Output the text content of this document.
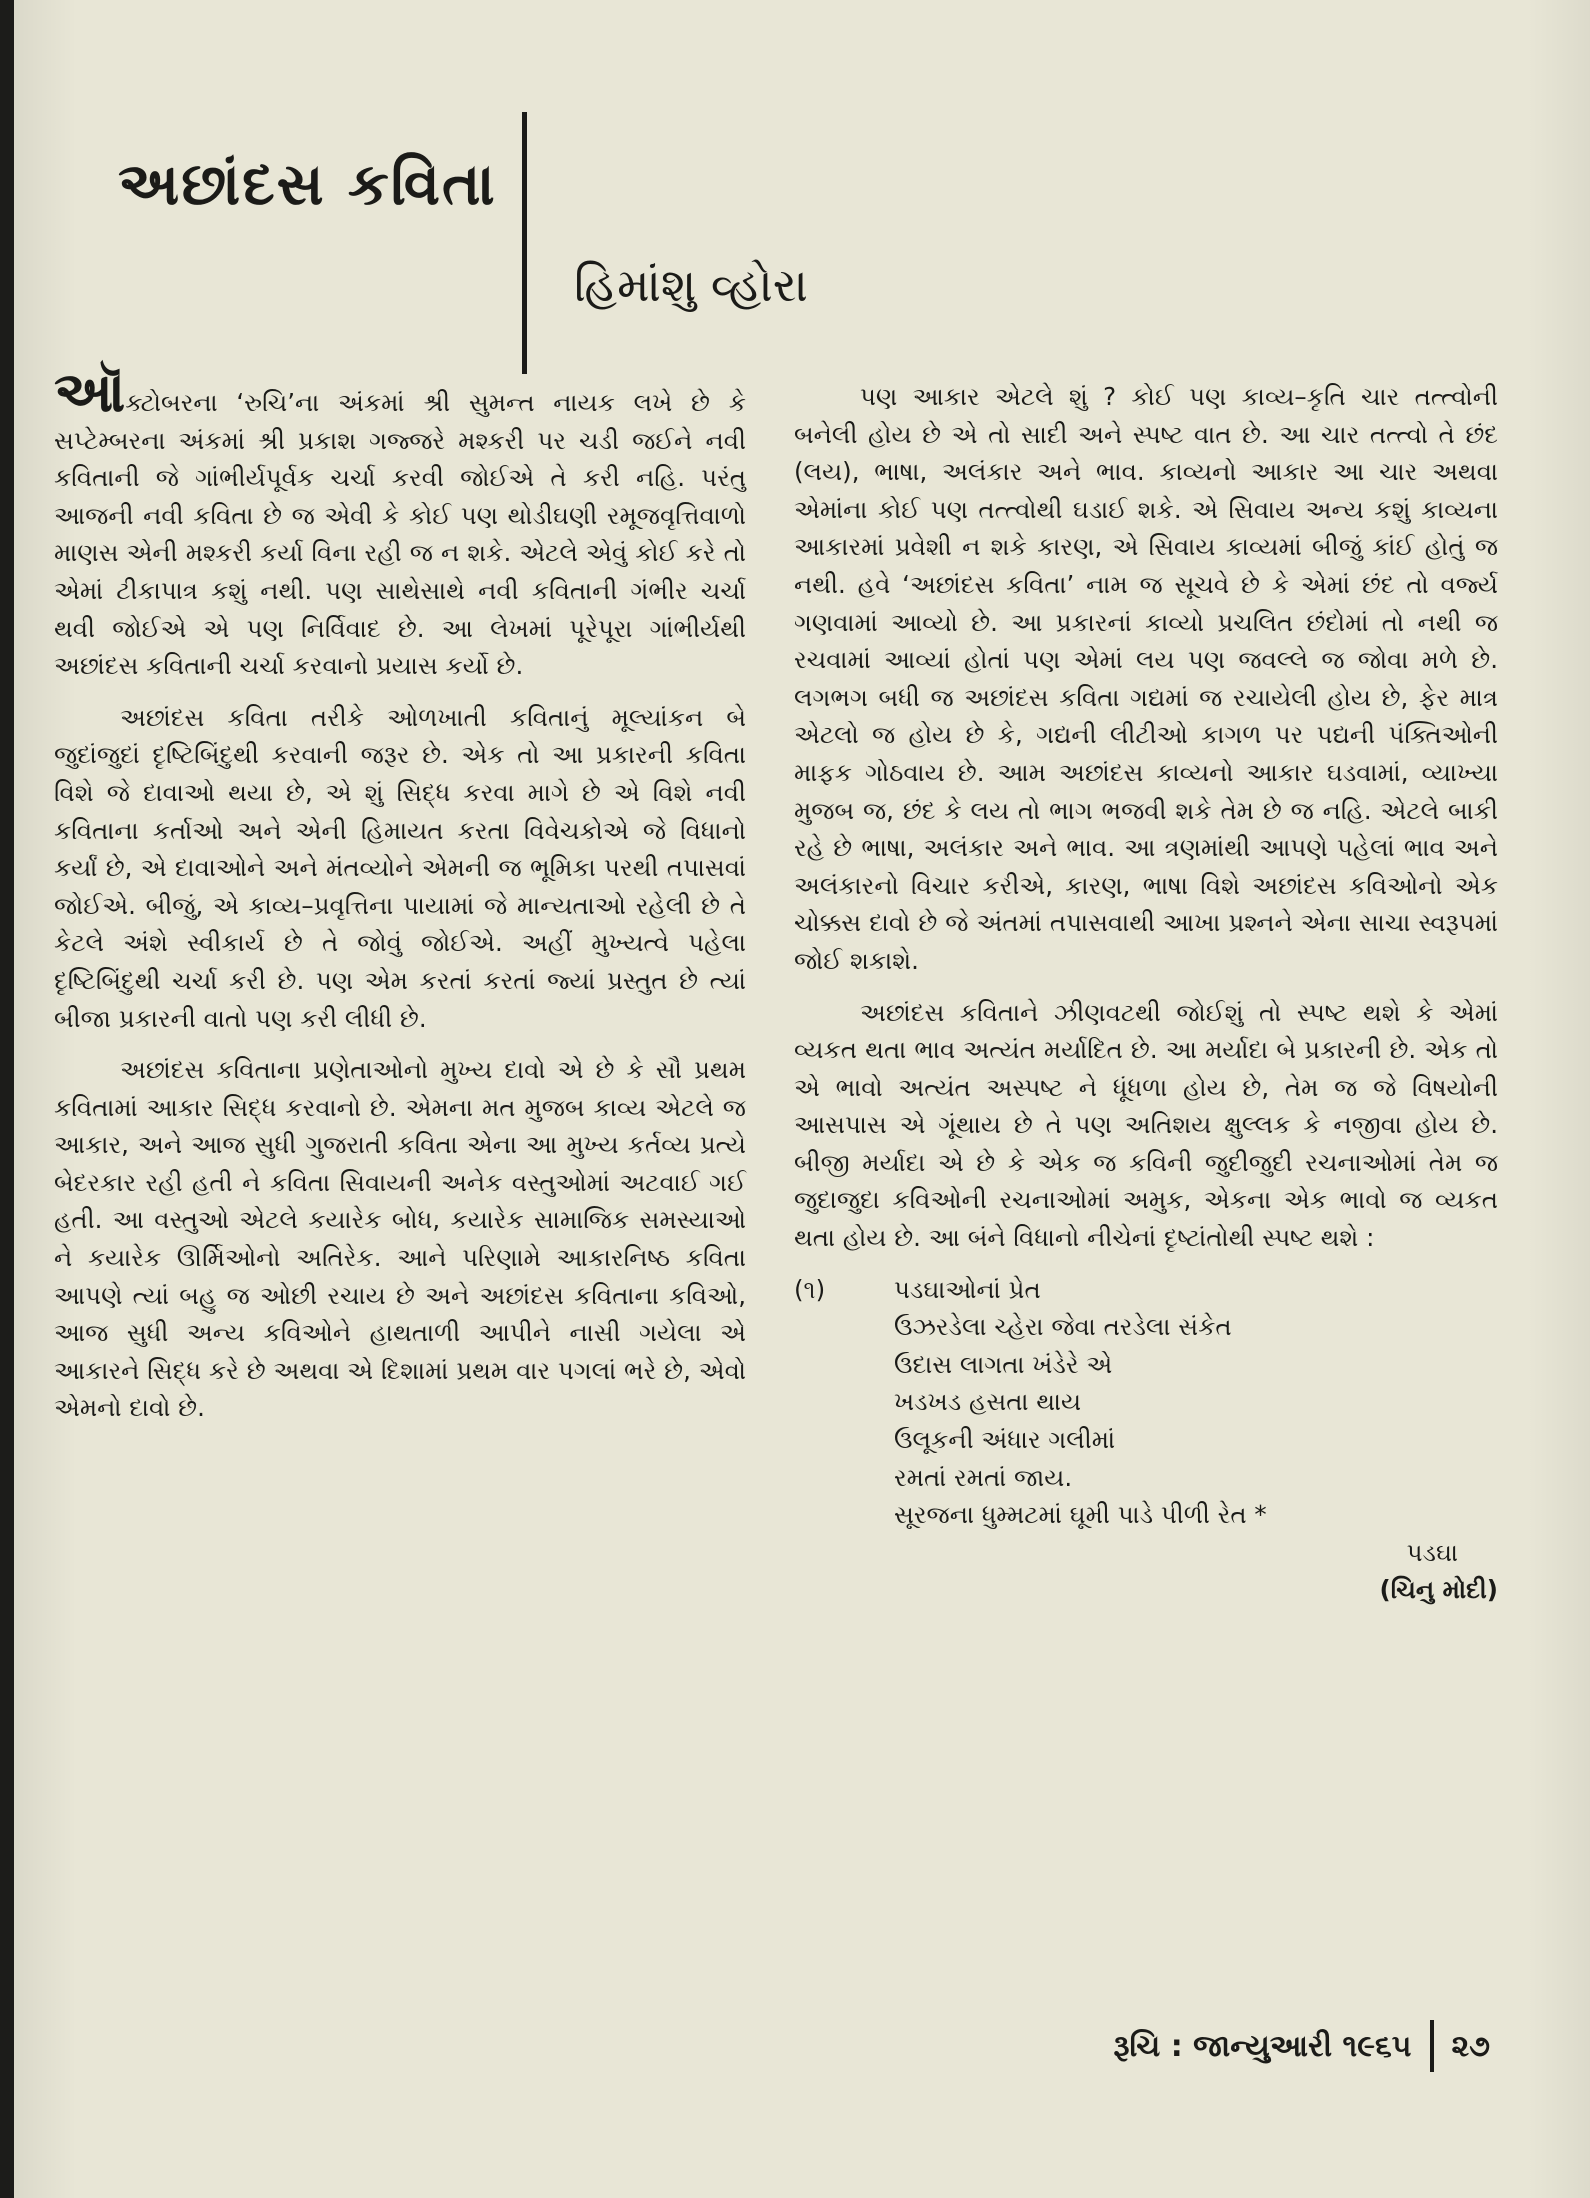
અછાંદસ કવિતા
હિમાંશુ વ્હોરા

ઑક્ટોબરના ‘રુચિ’ના અંકમાં શ્રી સુમન્ત નાયક લખે છે કે સપ્ટેમ્બરના અંકમાં શ્રી પ્રકાશ ગજ્જરે મશ્કરી પર ચડી જઈને નવી કવિતાની જે ગાંભીર્યપૂર્વક ચર્ચા કરવી જોઈએ તે કરી નહિ. પરંતુ આજની નવી કવિતા છે જ એવી કે કોઈ પણ થોડીઘણી રમૂજવૃત્તિવાળો માણસ એની મશ્કરી કર્યા વિના રહી જ ન શકે. એટલે એવું કોઈ કરે તો એમાં ટીકાપાત્ર કશું નથી. પણ સાથેસાથે નવી કવિતાની ગંભીર ચર્ચા થવી જોઈએ એ પણ નિર્વિવાદ છે. આ લેખમાં પૂરેપૂરા ગાંભીર્યથી અછાંદસ કવિતાની ચર્ચા કરવાનો પ્રયાસ કર્યો છે.

અછાંદસ કવિતા તરીકે ઓળખાતી કવિતાનું મૂલ્યાંકન બે જુદાંજુદાં દૃષ્ટિબિંદુથી કરવાની જરૂર છે. એક તો આ પ્રકારની કવિતા વિશે જે દાવાઓ થયા છે, એ શું સિદ્ધ કરવા માગે છે એ વિશે નવી કવિતાના કર્તાઓ અને એની હિમાયત કરતા વિવેચકોએ જે વિધાનો કર્યાં છે, એ દાવાઓને અને મંતવ્યોને એમની જ ભૂમિકા પરથી તપાસવાં જોઈએ. બીજું, એ કાવ્ય–પ્રવૃત્તિના પાયામાં જે માન્યતાઓ રહેલી છે તે કેટલે અંશે સ્વીકાર્ય છે તે જોવું જોઈએ. અહીં મુખ્યત્વે પહેલા દૃષ્ટિબિંદુથી ચર્ચા કરી છે. પણ એમ કરતાં કરતાં જ્યાં પ્રસ્તુત છે ત્યાં બીજા પ્રકારની વાતો પણ કરી લીધી છે.

અછાંદસ કવિતાના પ્રણેતાઓનો મુખ્ય દાવો એ છે કે સૌ પ્રથમ કવિતામાં આકાર સિદ્ધ કરવાનો છે. એમના મત મુજબ કાવ્ય એટલે જ આકાર, અને આજ સુધી ગુજરાતી કવિતા એના આ મુખ્ય કર્તવ્ય પ્રત્યે બેદરકાર રહી હતી ને કવિતા સિવાયની અનેક વસ્તુઓમાં અટવાઈ ગઈ હતી. આ વસ્તુઓ એટલે કયારેક બોધ, કયારેક સામાજિક સમસ્યાઓ ને કયારેક ઊર્મિઓનો અતિરેક. આને પરિણામે આકારનિષ્ઠ કવિતા આપણે ત્યાં બહુ જ ઓછી રચાય છે અને અછાંદસ કવિતાના કવિઓ, આજ સુધી અન્ય કવિઓને હાથતાળી આપીને નાસી ગયેલા એ આકારને સિદ્ધ કરે છે અથવા એ દિશામાં પ્રથમ વાર પગલાં ભરે છે, એવો એમનો દાવો છે.

પણ આકાર એટલે શું ? કોઈ પણ કાવ્ય–કૃતિ ચાર તત્ત્વોની બનેલી હોય છે એ તો સાદી અને સ્પષ્ટ વાત છે. આ ચાર તત્ત્વો તે છંદ (લય), ભાષા, અલંકાર અને ભાવ. કાવ્યનો આકાર આ ચાર અથવા એમાંના કોઈ પણ તત્ત્વોથી ઘડાઈ શકે. એ સિવાય અન્ય કશું કાવ્યના આકારમાં પ્રવેશી ન શકે કારણ, એ સિવાય કાવ્યમાં બીજું કાંઈ હોતું જ નથી. હવે ‘અછાંદસ કવિતા’ નામ જ સૂચવે છે કે એમાં છંદ તો વર્જ્ય ગણવામાં આવ્યો છે. આ પ્રકારનાં કાવ્યો પ્રચલિત છંદોમાં તો નથી જ રચવામાં આવ્યાં હોતાં પણ એમાં લય પણ જવલ્લે જ જોવા મળે છે. લગભગ બધી જ અછાંદસ કવિતા ગદ્યમાં જ રચાયેલી હોય છે, ફેર માત્ર એટલો જ હોય છે કે, ગદ્યની લીટીઓ કાગળ પર પદ્યની પંક્તિઓની માફક ગોઠવાય છે. આમ અછાંદસ કાવ્યનો આકાર ઘડવામાં, વ્યાખ્યા મુજબ જ, છંદ કે લય તો ભાગ ભજવી શકે તેમ છે જ નહિ. એટલે બાકી રહે છે ભાષા, અલંકાર અને ભાવ. આ ત્રણમાંથી આપણે પહેલાં ભાવ અને અલંકારનો વિચાર કરીએ, કારણ, ભાષા વિશે અછાંદસ કવિઓનો એક ચોક્કસ દાવો છે જે અંતમાં તપાસવાથી આખા પ્રશ્નને એના સાચા સ્વરૂપમાં જોઈ શકાશે.

અછાંદસ કવિતાને ઝીણવટથી જોઈશું તો સ્પષ્ટ થશે કે એમાં વ્યકત થતા ભાવ અત્યંત મર્યાદિત છે. આ મર્યાદા બે પ્રકારની છે. એક તો એ ભાવો અત્યંત અસ્પષ્ટ ને ધૂંધળા હોય છે, તેમ જ જે વિષયોની આસપાસ એ ગૂંથાય છે તે પણ અતિશય ક્ષુલ્લક કે નજીવા હોય છે. બીજી મર્યાદા એ છે કે એક જ કવિની જુદીજુદી રચનાઓમાં તેમ જ જુદાજુદા કવિઓની રચનાઓમાં અમુક, એકના એક ભાવો જ વ્યકત થતા હોય છે. આ બંને વિધાનો નીચેનાં દૃષ્ટાંતોથી સ્પષ્ટ થશે :

(૧)	પડઘાઓનાં પ્રેત
ઉઝરડેલા ચ્હેરા જેવા તરડેલા સંકેત
ઉદાસ લાગતા ખંડેરે એ
ખડખડ હસતા થાય
ઉલૂકની અંધાર ગલીમાં
રમતાં રમતાં જાય.
સૂરજના ધુમ્મટમાં ઘૂમી પાડે પીળી રેત *
પડઘા
(ચિનુ મોદી)
રૂચિ : જાન્યુઆરી ૧૯૬૫ ૨૭
